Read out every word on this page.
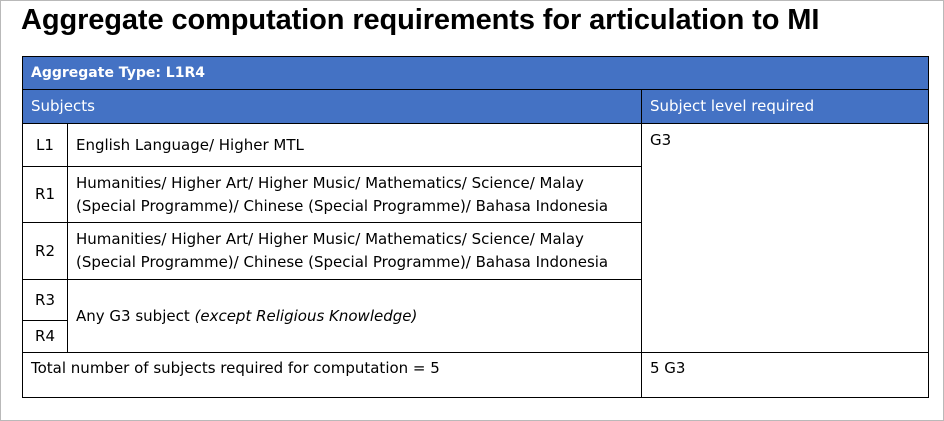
Aggregate computation requirements for articulation to MI
Aggregate Type: L1R4		
Subjects		Subject level required
L1	English Language/ Higher MTL	G3
R1	Humanities/ Higher Art/ Higher Music/ Mathematics/ Science/ Malay (Special Programme)/ Chinese (Special Programme)/ Bahasa Indonesia	
R2	Humanities/ Higher Art/ Higher Music/ Mathematics/ Science/ Malay (Special Programme)/ Chinese (Special Programme)/ Bahasa Indonesia	
R3	Any G3 subject (except Religious Knowledge)	
R4		
Total number of subjects required for computation = 5		5 G3
